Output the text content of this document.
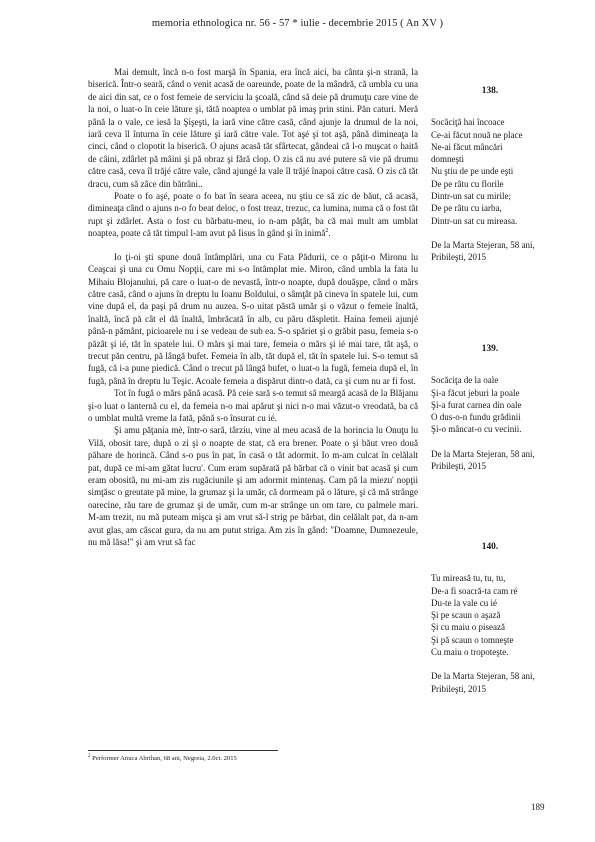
memoria ethnologica nr. 56 - 57 * iulie - decembrie 2015 ( An XV )

Mai demult, încă n-o fost marşă în Spania, era încă aici, ba cânta şi-n strană, la biserică. Într-o seară, când o venit acasă de oareunde, poate de la mândră, că umbla cu una de aici din sat, ce o fost femeie de serviciu la şcoală, când să deie pă drumuţu care vine de la noi, o luat-o în ceie lăture şi, tătă noaptea o umblat pă imaş prin stini. Păn caturi. Meră până la o vale, ce iesă la Şişeşti, la iară vine către casă, când ajunje la drumul de la noi, iară ceva îl înturna în ceie lăture şi iară către vale. Tot aşé şi tot aşă, până dimineaţa la cinci, când o clopotit la biserică. O ajuns acasă tăt sfârtecat, gândeai că l-o muşcat o haită de câini, zdârlet pă mâini şi pă obraz şi fără clop. O zis că nu avé putere să vie pă drumu către casă, ceva îl trăjé către vale, când ajungé la vale îl trăjé înapoi către casă. O zis că tăt dracu, cum să zâce din bătrâni..

Poate o fo aşé, poate o fo bat în seara aceea, nu ştiu ce să zic de băut, că acasă, dimineaţa când o ajuns n-o fo beat deloc, o fost treaz, trezuc, ca lumina, numa că o fost tăt rupt şi zdârlet. Asta o fost cu bărbatu-meu, io n-am păţât, ba că mai mult am umblat noaptea, poate că tăt timpul l-am avut pă Iisus în gând şi în inimă$^2$.

Io ţi-oi şti spune două întâmplări, una cu Fata Pădurii, ce o păţit-o Mironu lu Ceaşcai şi una cu Omu Nopţii, care mi s-o întâmplat mie. Miron, când umbla la fata lu Mihaiu Blojanului, pă care o luat-o de nevastă, într-o noapte, după douăşpe, când o mărs către casă, când o ajuns în dreptu lu Ioanu Boldului, o sâmţât pă cineva în spatele lui, cum vine după el, da paşi pă drum nu auzea. S-o uitat păstă umăr şi o văzut o femeie înaltă, înaltă, încă pă cât el dă înaltă, îmbrăcată în alb, cu păru dăspletit. Haina femeii ajunjé până-n pământ, picioarele nu i se vedeau de sub ea. S-o spăriet şi o grăbit pasu, femeia s-o păzât şi ié, tăt în spatele lui. O mărs şi mai tare, femeia o mărs şi ié mai tare, tăt aşă, o trecut păn centru, pă lângă bufet. Femeia în alb, tăt după el, tăt în spatele lui. S-o temut să fugă, că i-a pune piedică. Când o trecut pă lângă bufet, o luat-o la fugă, femeia după el, în fugă, până în dreptu lu Teşic. Acoale femeia a dispărut dintr-o dată, ca şi cum nu ar fi fost.

Tot în fugă o mărs până acasă. Pă ceie sară s-o temut să meargă acasă de la Blăjanu şi-o luat o lanternă cu el, da femeia n-o mai apărut şi nici n-o mai văzut-o vreodată, ba că o umblat multă vreme la fată, până s-o însurat cu ié.

Şi amu păţania mè, într-o sară, târziu, vine al meu acasă de la horincia lu Onuţu lu Vilă, obosit tare, după o zi şi o noapte de stat, că era brener. Poate o şi băut vreo două păhare de horincă. Când s-o pus în pat, în casă o tăt adormit. Io m-am culcat în celălalt pat, după ce mi-am gătat lucru'. Cum eram supărată pă bărbat că o vinit bat acasă şi cum eram obosită, nu mi-am zis rugăciunile şi am adormit mintenaş. Cam pă la miezu' nopţii simţăsc o greutate pă mine, la grumaz şi la umăr, că dormeam pă o lăture, şi că mă strânge oarecine, rău tare de grumaz şi de umăr, cum m-ar strânge un om tare, cu palmele mari. M-am trezit, nu mă puteam mişca şi am vrut să-l strig pe bărbat, din celălalt pat, da n-am avut glas, am căscat gura, da nu am putut striga. Am zis în gând: "Doamne, Dumnezeule, nu mă lăsa!" şi am vrut să fac

$^2$ Performer Anuca Abrihan, 68 ani, Negreia, 2.0ct. 2015
138.
Socăciţă hai încoace
Ce-ai făcut nouă ne place
Ne-ai făcut mâncări
domneşti
Nu ştiu de pe unde eşti
De pe râtu cu florile
Dintr-un sat cu mirile;
De pe râtu cu iarba,
Dintr-un sat cu mireasa.
De la Marta Stejeran, 58 ani, Pribileşti, 2015
139.
Socăciţa de la oale
Şi-a făcut jeburi la poale
Şi-a furat carnea din oale
O dus-o-n fundu grădinii
Şi-o mâncat-o cu vecinii.
De la Marta Stejeran, 58 ani, Pribileşti, 2015
140.
Tu mireasă tu, tu, tu,
De-a fi soacră-ta cam ré
Du-te la vale cu ié
Şi pe scaun o aşază
Şi cu maiu o pisează
Şi pă scaun o tomneşte
Cu maiu o tropoteşte.
De la Marta Stejeran, 58 ani, Pribileşti, 2015
189
